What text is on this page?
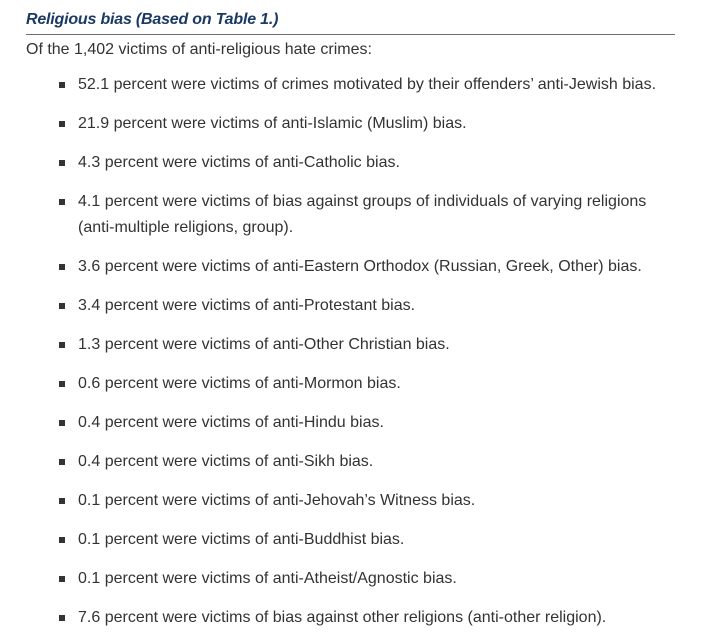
Religious bias (Based on Table 1.)
Of the 1,402 victims of anti-religious hate crimes:
52.1 percent were victims of crimes motivated by their offenders’ anti-Jewish bias.
21.9 percent were victims of anti-Islamic (Muslim) bias.
4.3 percent were victims of anti-Catholic bias.
4.1 percent were victims of bias against groups of individuals of varying religions (anti-multiple religions, group).
3.6 percent were victims of anti-Eastern Orthodox (Russian, Greek, Other) bias.
3.4 percent were victims of anti-Protestant bias.
1.3 percent were victims of anti-Other Christian bias.
0.6 percent were victims of anti-Mormon bias.
0.4 percent were victims of anti-Hindu bias.
0.4 percent were victims of anti-Sikh bias.
0.1 percent were victims of anti-Jehovah’s Witness bias.
0.1 percent were victims of anti-Buddhist bias.
0.1 percent were victims of anti-Atheist/Agnostic bias.
7.6 percent were victims of bias against other religions (anti-other religion).
